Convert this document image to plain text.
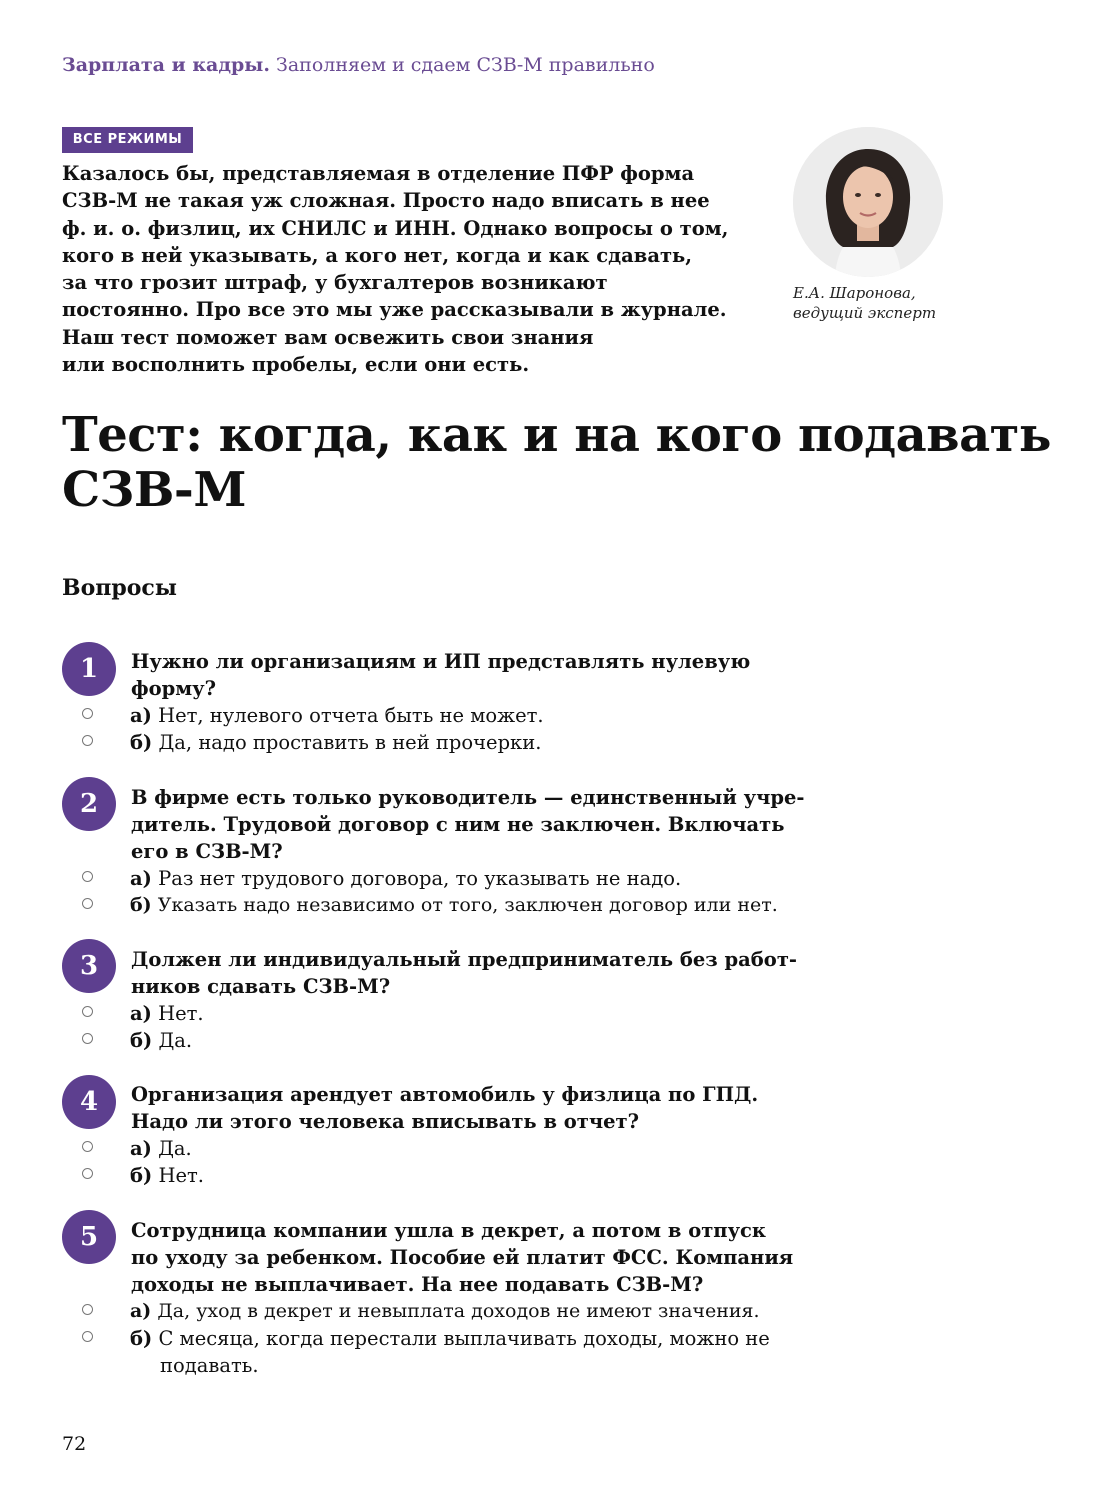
Зарплата и кадры. Заполняем и сдаем СЗВ-М правильно
ВСЕ РЕЖИМЫ
Казалось бы, представляемая в отделение ПФР форма
СЗВ-М не такая уж сложная. Просто надо вписать в нее
ф. и. о. физлиц, их СНИЛС и ИНН. Однако вопросы о том,
кого в ней указывать, а кого нет, когда и как сдавать,
за что грозит штраф, у бухгалтеров возникают
постоянно. Про все это мы уже рассказывали в журнале.
Наш тест поможет вам освежить свои знания
или восполнить пробелы, если они есть.
Е.А. Шаронова,
ведущий эксперт
Тест: когда, как и на кого подавать
СЗВ-М
Вопросы
1	Нужно ли организациям и ИП представлять нулевую
форму?
а) Нет, нулевого отчета быть не может.
б) Да, надо проставить в ней прочерки.
2	В фирме есть только руководитель — единственный учре-
дитель. Трудовой договор с ним не заключен. Включать
его в СЗВ-М?
а) Раз нет трудового договора, то указывать не надо.
б) Указать надо независимо от того, заключен договор или нет.
3	Должен ли индивидуальный предприниматель без работ-
ников сдавать СЗВ-М?
а) Нет.
б) Да.
4	Организация арендует автомобиль у физлица по ГПД.
Надо ли этого человека вписывать в отчет?
а) Да.
б) Нет.
5	Сотрудница компании ушла в декрет, а потом в отпуск
по уходу за ребенком. Пособие ей платит ФСС. Компания
доходы не выплачивает. На нее подавать СЗВ-М?
а) Да, уход в декрет и невыплата доходов не имеют значения.
б) С месяца, когда перестали выплачивать доходы, можно не подавать.
72
